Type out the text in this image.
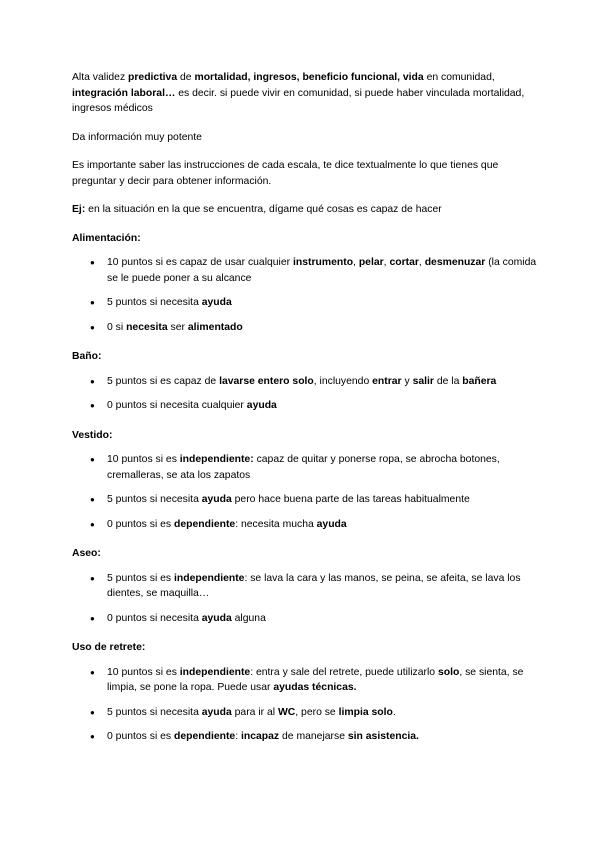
Alta validez predictiva de mortalidad, ingresos, beneficio funcional, vida en comunidad, integración laboral… es decir. si puede vivir en comunidad, si puede haber vinculada mortalidad, ingresos médicos

Da información muy potente

Es importante saber las instrucciones de cada escala, te dice textualmente lo que tienes que preguntar y decir para obtener información.

Ej: en la situación en la que se encuentra, dígame qué cosas es capaz de hacer

Alimentación:

● 10 puntos si es capaz de usar cualquier instrumento, pelar, cortar, desmenuzar (la comida se le puede poner a su alcance
● 5 puntos si necesita ayuda
● 0 si necesita ser alimentado

Baño:

● 5 puntos si es capaz de lavarse entero solo, incluyendo entrar y salir de la bañera
● 0 puntos si necesita cualquier ayuda

Vestido:

● 10 puntos si es independiente: capaz de quitar y ponerse ropa, se abrocha botones, cremalleras, se ata los zapatos
● 5 puntos si necesita ayuda pero hace buena parte de las tareas habitualmente
● 0 puntos si es dependiente: necesita mucha ayuda

Aseo:

● 5 puntos si es independiente: se lava la cara y las manos, se peina, se afeita, se lava los dientes, se maquilla…
● 0 puntos si necesita ayuda alguna

Uso de retrete:

● 10 puntos si es independiente: entra y sale del retrete, puede utilizarlo solo, se sienta, se limpia, se pone la ropa. Puede usar ayudas técnicas.
● 5 puntos si necesita ayuda para ir al WC, pero se limpia solo.
● 0 puntos si es dependiente: incapaz de manejarse sin asistencia.
